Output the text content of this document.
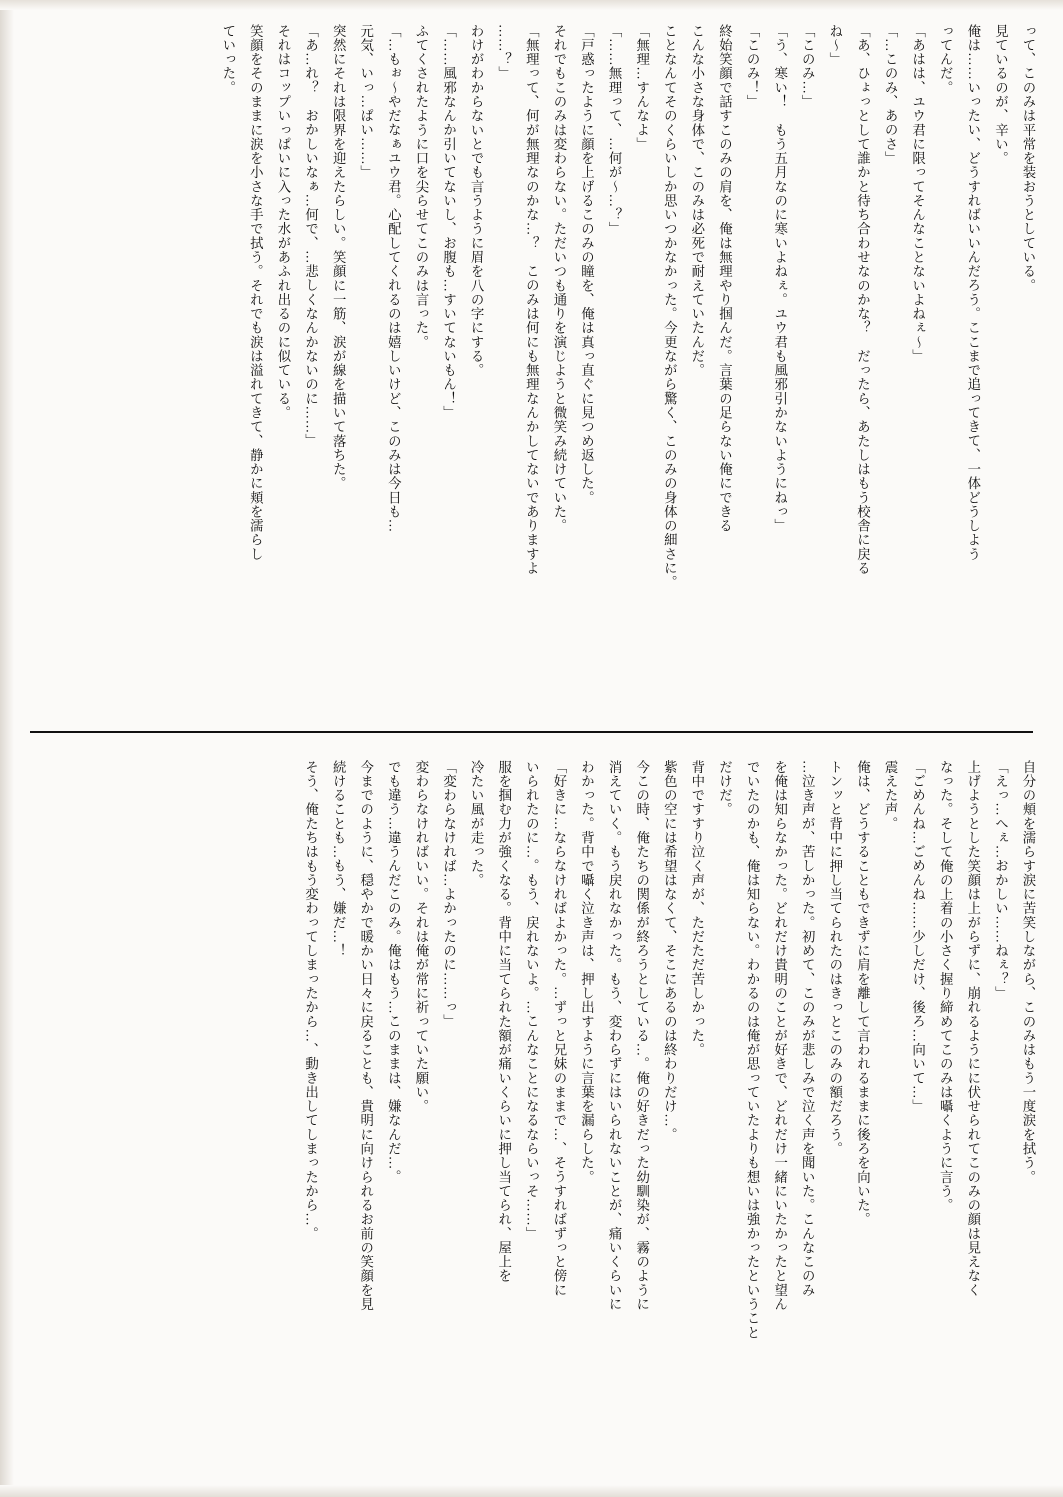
って、このみは平常を装おうとしている。
見ているのが、辛い。
俺は……いったい、どうすればいいんだろう。ここまで追ってきて、一体どうしよう
ってんだ。
「あはは、ユウ君に限ってそんなことないよねぇ～」
「…このみ、あのさ」
「あ、ひょっとして誰かと待ち合わせなのかな？　だったら、あたしはもう校舎に戻る
ね～」
「このみ…」
「う、寒い！　もう五月なのに寒いよねぇ。ユウ君も風邪引かないようにねっ」
「このみ！」
終始笑顔で話すこのみの肩を、俺は無理やり掴んだ。言葉の足らない俺にできる
こんな小さな身体で、このみは必死で耐えていたんだ。
ことなんてそのくらいしか思いつかなかった。今更ながら驚く、このみの身体の細さに。
「無理…すんなよ」
「……無理って、…何が～…？」
「戸惑ったように顔を上げるこのみの瞳を、俺は真っ直ぐに見つめ返した。
それでもこのみは変わらない。ただいつも通りを演じようと微笑み続けていた。
「無理って、何が無理なのかな…？　このみは何にも無理なんかしてないでありますよ
……？」
わけがわからないとでも言うように眉を八の字にする。
「……風邪なんか引いてないし、お腹も…すいてないもん！」
ふてくされたように口を尖らせてこのみは言った。
「…もぉ～やだなぁユウ君。心配してくれるのは嬉しいけど、このみは今日も…
元気、いっ…ぱい……」
突然にそれは限界を迎えたらしい。笑顔に一筋、涙が線を描いて落ちた。
「あ…れ？　おかしいなぁ…何で、…悲しくなんかないのに……」
それはコップいっぱいに入った水があふれ出るのに似ている。
笑顔をそのままに涙を小さな手で拭う。それでも涙は溢れてきて、静かに頬を濡らし
ていった。
自分の頬を濡らす涙に苦笑しながら、このみはもう一度涙を拭う。
「えっ…へぇ…おかしい……ねぇ？」
上げようとした笑顔は上がらずに、崩れるようにに伏せられてこのみの顔は見えなく
なった。そして俺の上着の小さく握り締めてこのみは囁くように言う。
「ごめんね…ごめんね……少しだけ、後ろ…向いて…」
震えた声。
俺は、どうすることもできずに肩を離して言われるままに後ろを向いた。
トンッと背中に押し当てられたのはきっとこのみの額だろう。
…泣き声が、苦しかった。初めて、このみが悲しみで泣く声を聞いた。こんなこのみ
を俺は知らなかった。どれだけ貴明のことが好きで、どれだけ一緒にいたかったと望ん
でいたのかも、俺は知らない。わかるのは俺が思っていたよりも想いは強かったということ
だけだ。
背中ですすり泣く声が、ただただ苦しかった。
紫色の空には希望はなくて、そこにあるのは終わりだけ…。
今この時、俺たちの関係が終ろうとしている…。俺の好きだった幼馴染が、霧のように
消えていく。もう戻れなかった。もう、変わらずにはいられないことが、痛いくらいに
わかった。背中で囁く泣き声は、押し出すように言葉を漏らした。
「好きに…ならなければよかった。…ずっと兄妹のままで…、そうすればずっと傍に
いられたのに…。もう、戻れないよ。…こんなことになるならいっそ……」
服を掴む力が強くなる。背中に当てられた額が痛いくらいに押し当てられ、屋上を
冷たい風が走った。
「変わらなければ…よかったのに……っ」
変わらなければいい。それは俺が常に祈っていた願い。
でも違う…違うんだこのみ。俺はもう…このままは、嫌なんだ…。
今までのように、穏やかで暖かい日々に戻ることも、貴明に向けられるお前の笑顔を見
続けることも…もう、嫌だ…！
そう、俺たちはもう変わってしまったから…、動き出してしまったから…。
